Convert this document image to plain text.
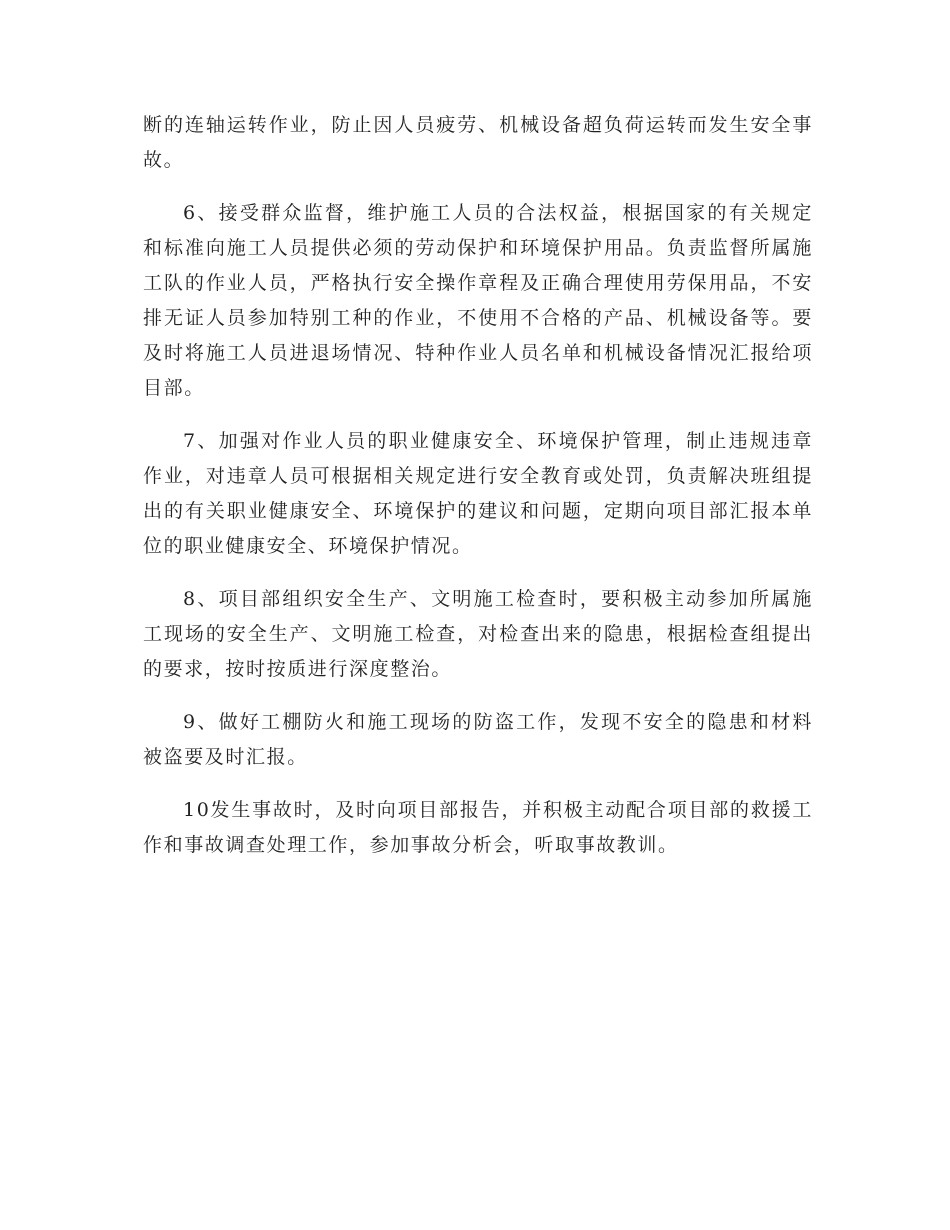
断的连轴运转作业，防止因人员疲劳、机械设备超负荷运转而发生安全事故。

6、接受群众监督，维护施工人员的合法权益，根据国家的有关规定和标准向施工人员提供必须的劳动保护和环境保护用品。负责监督所属施工队的作业人员，严格执行安全操作章程及正确合理使用劳保用品，不安排无证人员参加特别工种的作业，不使用不合格的产品、机械设备等。要及时将施工人员进退场情况、特种作业人员名单和机械设备情况汇报给项目部。

7、加强对作业人员的职业健康安全、环境保护管理，制止违规违章作业，对违章人员可根据相关规定进行安全教育或处罚，负责解决班组提出的有关职业健康安全、环境保护的建议和问题，定期向项目部汇报本单位的职业健康安全、环境保护情况。

8、项目部组织安全生产、文明施工检查时，要积极主动参加所属施工现场的安全生产、文明施工检查，对检查出来的隐患，根据检查组提出的要求，按时按质进行深度整治。

9、做好工棚防火和施工现场的防盗工作，发现不安全的隐患和材料被盗要及时汇报。

10发生事故时，及时向项目部报告，并积极主动配合项目部的救援工作和事故调查处理工作，参加事故分析会，听取事故教训。
